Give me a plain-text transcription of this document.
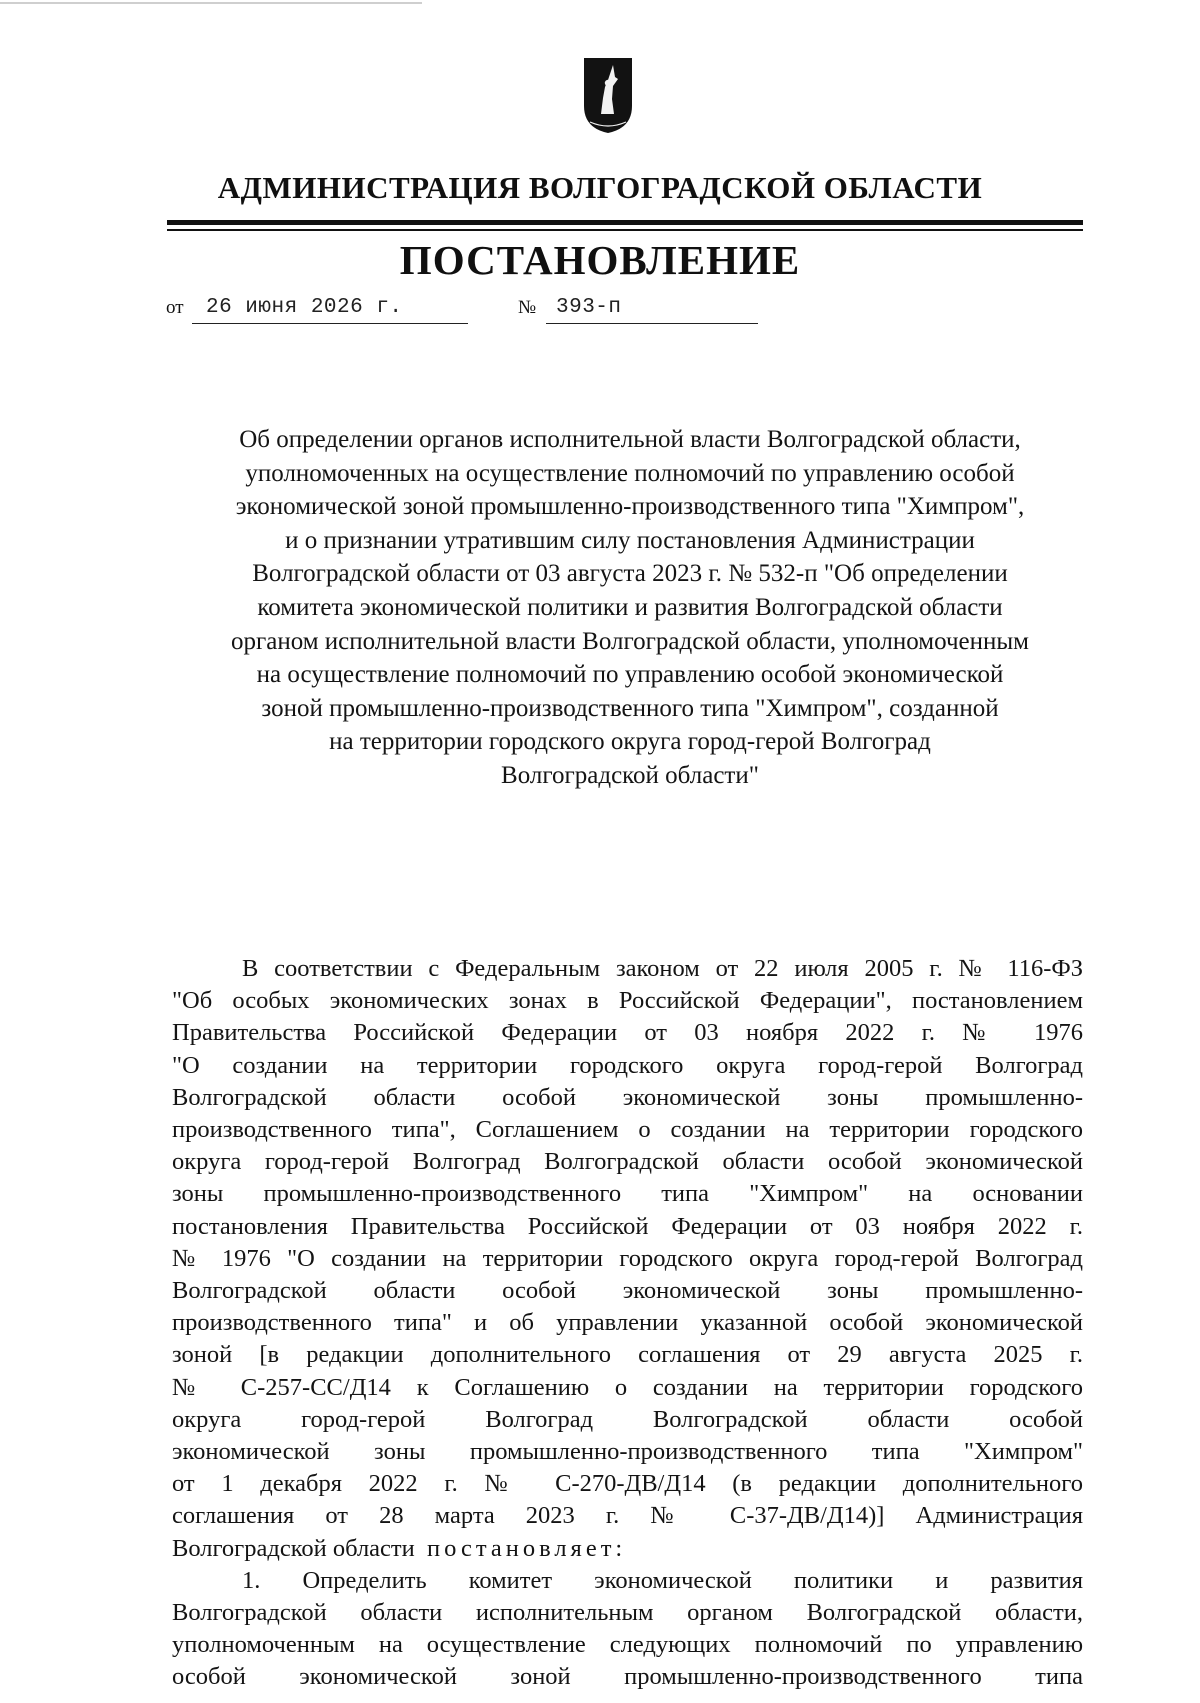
АДМИНИСТРАЦИЯ ВОЛГОГРАДСКОЙ ОБЛАСТИ
ПОСТАНОВЛЕНИЕ
от 26 июня 2026 г.	№ 393-п
Об определении органов исполнительной власти Волгоградской области,
уполномоченных на осуществление полномочий по управлению особой
экономической зоной промышленно-производственного типа "Химпром",
и о признании утратившим силу постановления Администрации
Волгоградской области от 03 августа 2023 г. № 532-п "Об определении
комитета экономической политики и развития Волгоградской области
органом исполнительной власти Волгоградской области, уполномоченным
на осуществление полномочий по управлению особой экономической
зоной промышленно-производственного типа "Химпром", созданной
на территории городского округа город-герой Волгоград
Волгоградской области"
В соответствии с Федеральным законом от 22 июля 2005 г. № 116-ФЗ
"Об особых экономических зонах в Российской Федерации", постановлением
Правительства Российской Федерации от 03 ноября 2022 г. № 1976
"О создании на территории городского округа город-герой Волгоград
Волгоградской области особой экономической зоны промышленно-
производственного типа", Соглашением о создании на территории городского
округа город-герой Волгоград Волгоградской области особой экономической
зоны промышленно-производственного типа "Химпром" на основании
постановления Правительства Российской Федерации от 03 ноября 2022 г.
№ 1976 "О создании на территории городского округа город-герой Волгоград
Волгоградской области особой экономической зоны промышленно-
производственного типа" и об управлении указанной особой экономической
зоной [в редакции дополнительного соглашения от 29 августа 2025 г.
№ С-257-СС/Д14 к Соглашению о создании на территории городского
округа город-герой Волгоград Волгоградской области особой
экономической зоны промышленно-производственного типа "Химпром"
от 1 декабря 2022 г. № С-270-ДВ/Д14 (в редакции дополнительного
соглашения от 28 марта 2023 г. № С-37-ДВ/Д14)] Администрация
Волгоградской области постановляет:
1. Определить комитет экономической политики и развития
Волгоградской области исполнительным органом Волгоградской области,
уполномоченным на осуществление следующих полномочий по управлению
особой экономической зоной промышленно-производственного типа
